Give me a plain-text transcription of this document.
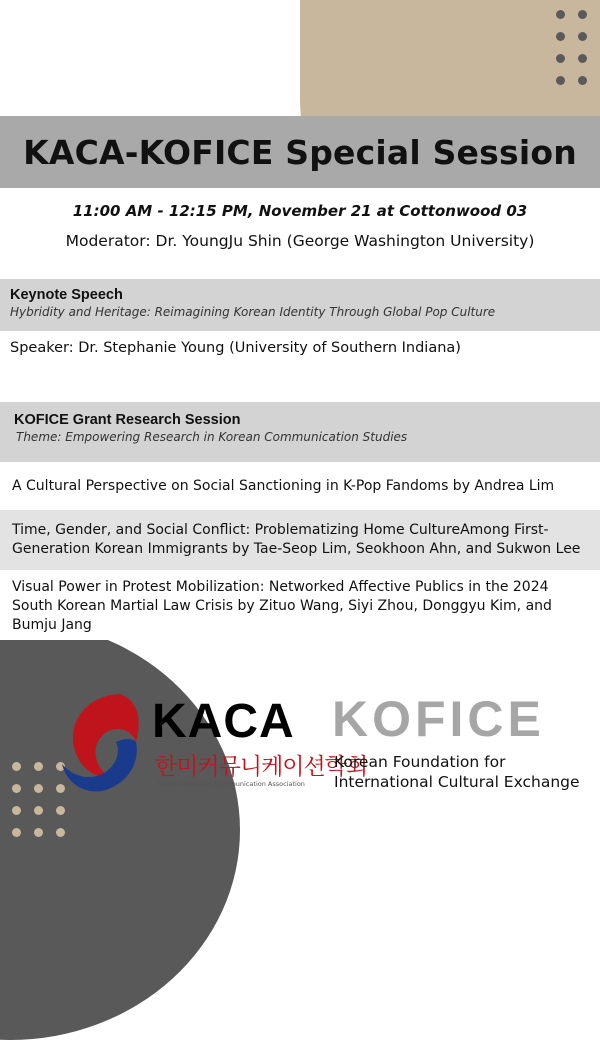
KACA-KOFICE Special Session
11:00 AM - 12:15 PM, November 21 at Cottonwood 03
Moderator: Dr. YoungJu Shin (George Washington University)
Keynote Speech
Hybridity and Heritage: Reimagining Korean Identity Through Global Pop Culture
Speaker: Dr. Stephanie Young (University of Southern Indiana)
KOFICE Grant Research Session
Theme: Empowering Research in Korean Communication Studies
A Cultural Perspective on Social Sanctioning in K-Pop Fandoms by Andrea Lim
Time, Gender, and Social Conflict: Problematizing Home CultureAmong First-Generation Korean Immigrants by Tae-Seop Lim, Seokhoon Ahn, and Sukwon Lee
Visual Power in Protest Mobilization: Networked Affective Publics in the 2024 South Korean Martial Law Crisis by Zituo Wang, Siyi Zhou, Donggyu Kim, and Bumju Jang
KACA
한미커뮤니케이션학회
Korean American Communication Association
KOFICE
Korean Foundation for
International Cultural Exchange
